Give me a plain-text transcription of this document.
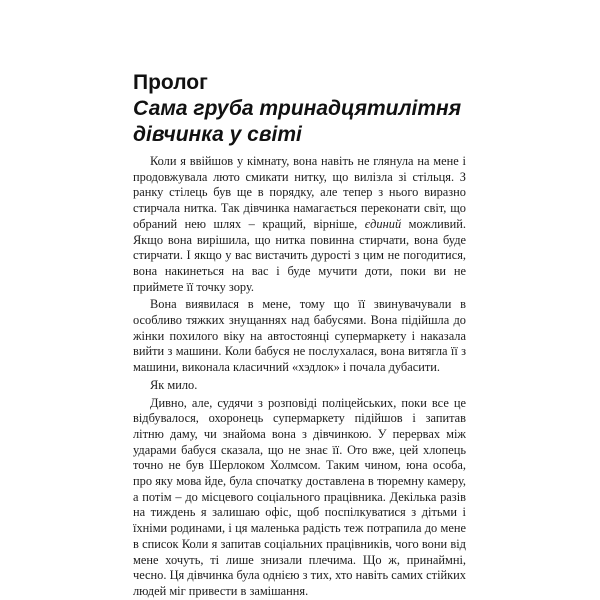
Пролог
Сама груба тринадцятилітня дівчинка у світі

Коли я ввійшов у кімнату, вона навіть не глянула на мене і продовжувала люто смикати нитку, що вилізла зі стільця. З ранку стілець був ще в порядку, але тепер з нього виразно стирчала нитка. Так дівчинка намагається переконати світ, що обраний нею шлях – кращий, вірніше, єдиний можливий. Якщо вона вирішила, що нитка повинна стирчати, вона буде стирчати. І якщо у вас вистачить дурості з цим не погодитися, вона накинеться на вас і буде мучити доти, поки ви не приймете її точку зору.

Вона виявилася в мене, тому що її звинувачували в особливо тяжких знущаннях над бабусями. Вона підійшла до жінки похилого віку на автостоянці супермаркету і наказала вийти з машини. Коли бабуся не послухалася, вона витягла її з машини, виконала класичний «хэдлок» і почала дубасити.

Як мило.

Дивно, але, судячи з розповіді поліцейських, поки все це відбувалося, охоронець супермаркету підійшов і запитав літню даму, чи знайома вона з дівчинкою. У перервах між ударами бабуся сказала, що не знає її. Ото вже, цей хлопець точно не був Шерлоком Холмсом. Таким чином, юна особа, про яку мова йде, була спочатку доставлена в тюремну камеру, а потім – до місцевого соціального працівника. Декілька разів на тиждень я залишаю офіс, щоб поспілкуватися з дітьми і їхніми родинами, і ця маленька радість теж потрапила до мене в список Коли я запитав соціальних працівників, чого вони від мене хочуть, ті лише знизали плечима. Що ж, принаймні, чесно. Ця дівчинка була однією з тих, хто навіть самих стійких людей міг привести в замішання.
